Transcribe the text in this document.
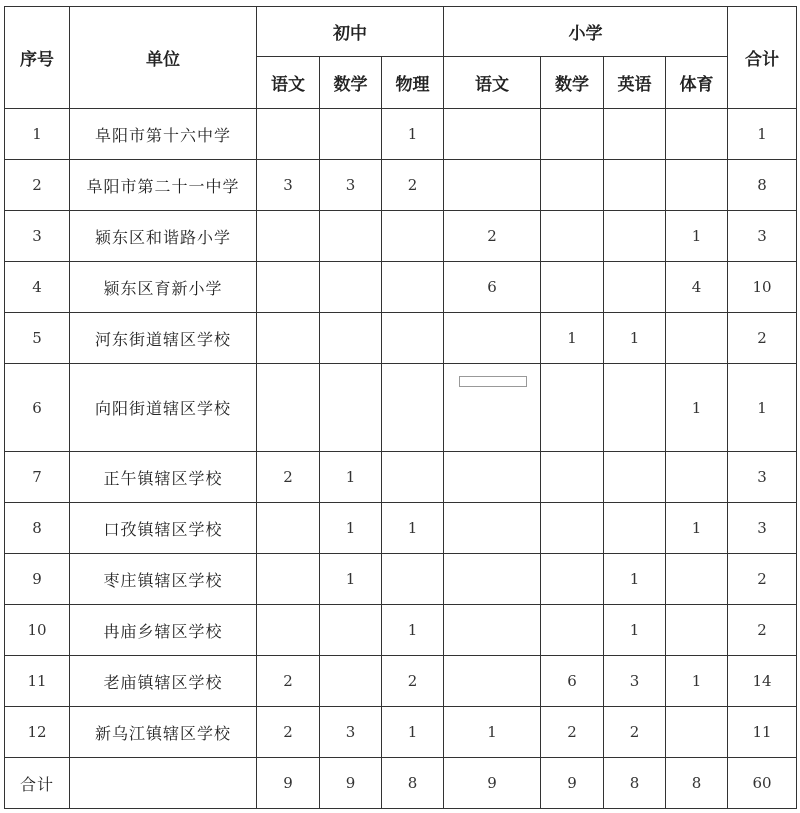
序号	单位	初中			小学				合计
		语文	数学	物理	语文	数学	英语	体育	
1	阜阳市第十六中学			1					1
2	阜阳市第二十一中学	3	3	2					8
3	颍东区和谐路小学				2			1	3
4	颍东区育新小学				6			4	10
5	河东街道辖区学校					1	1		2
6	向阳街道辖区学校							1	1
7	正午镇辖区学校	2	1						3
8	口孜镇辖区学校		1	1				1	3
9	枣庄镇辖区学校		1				1		2
10	冉庙乡辖区学校			1			1		2
11	老庙镇辖区学校	2		2		6	3	1	14
12	新乌江镇辖区学校	2	3	1	1	2	2		11
合计		9	9	8	9	9	8	8	60
